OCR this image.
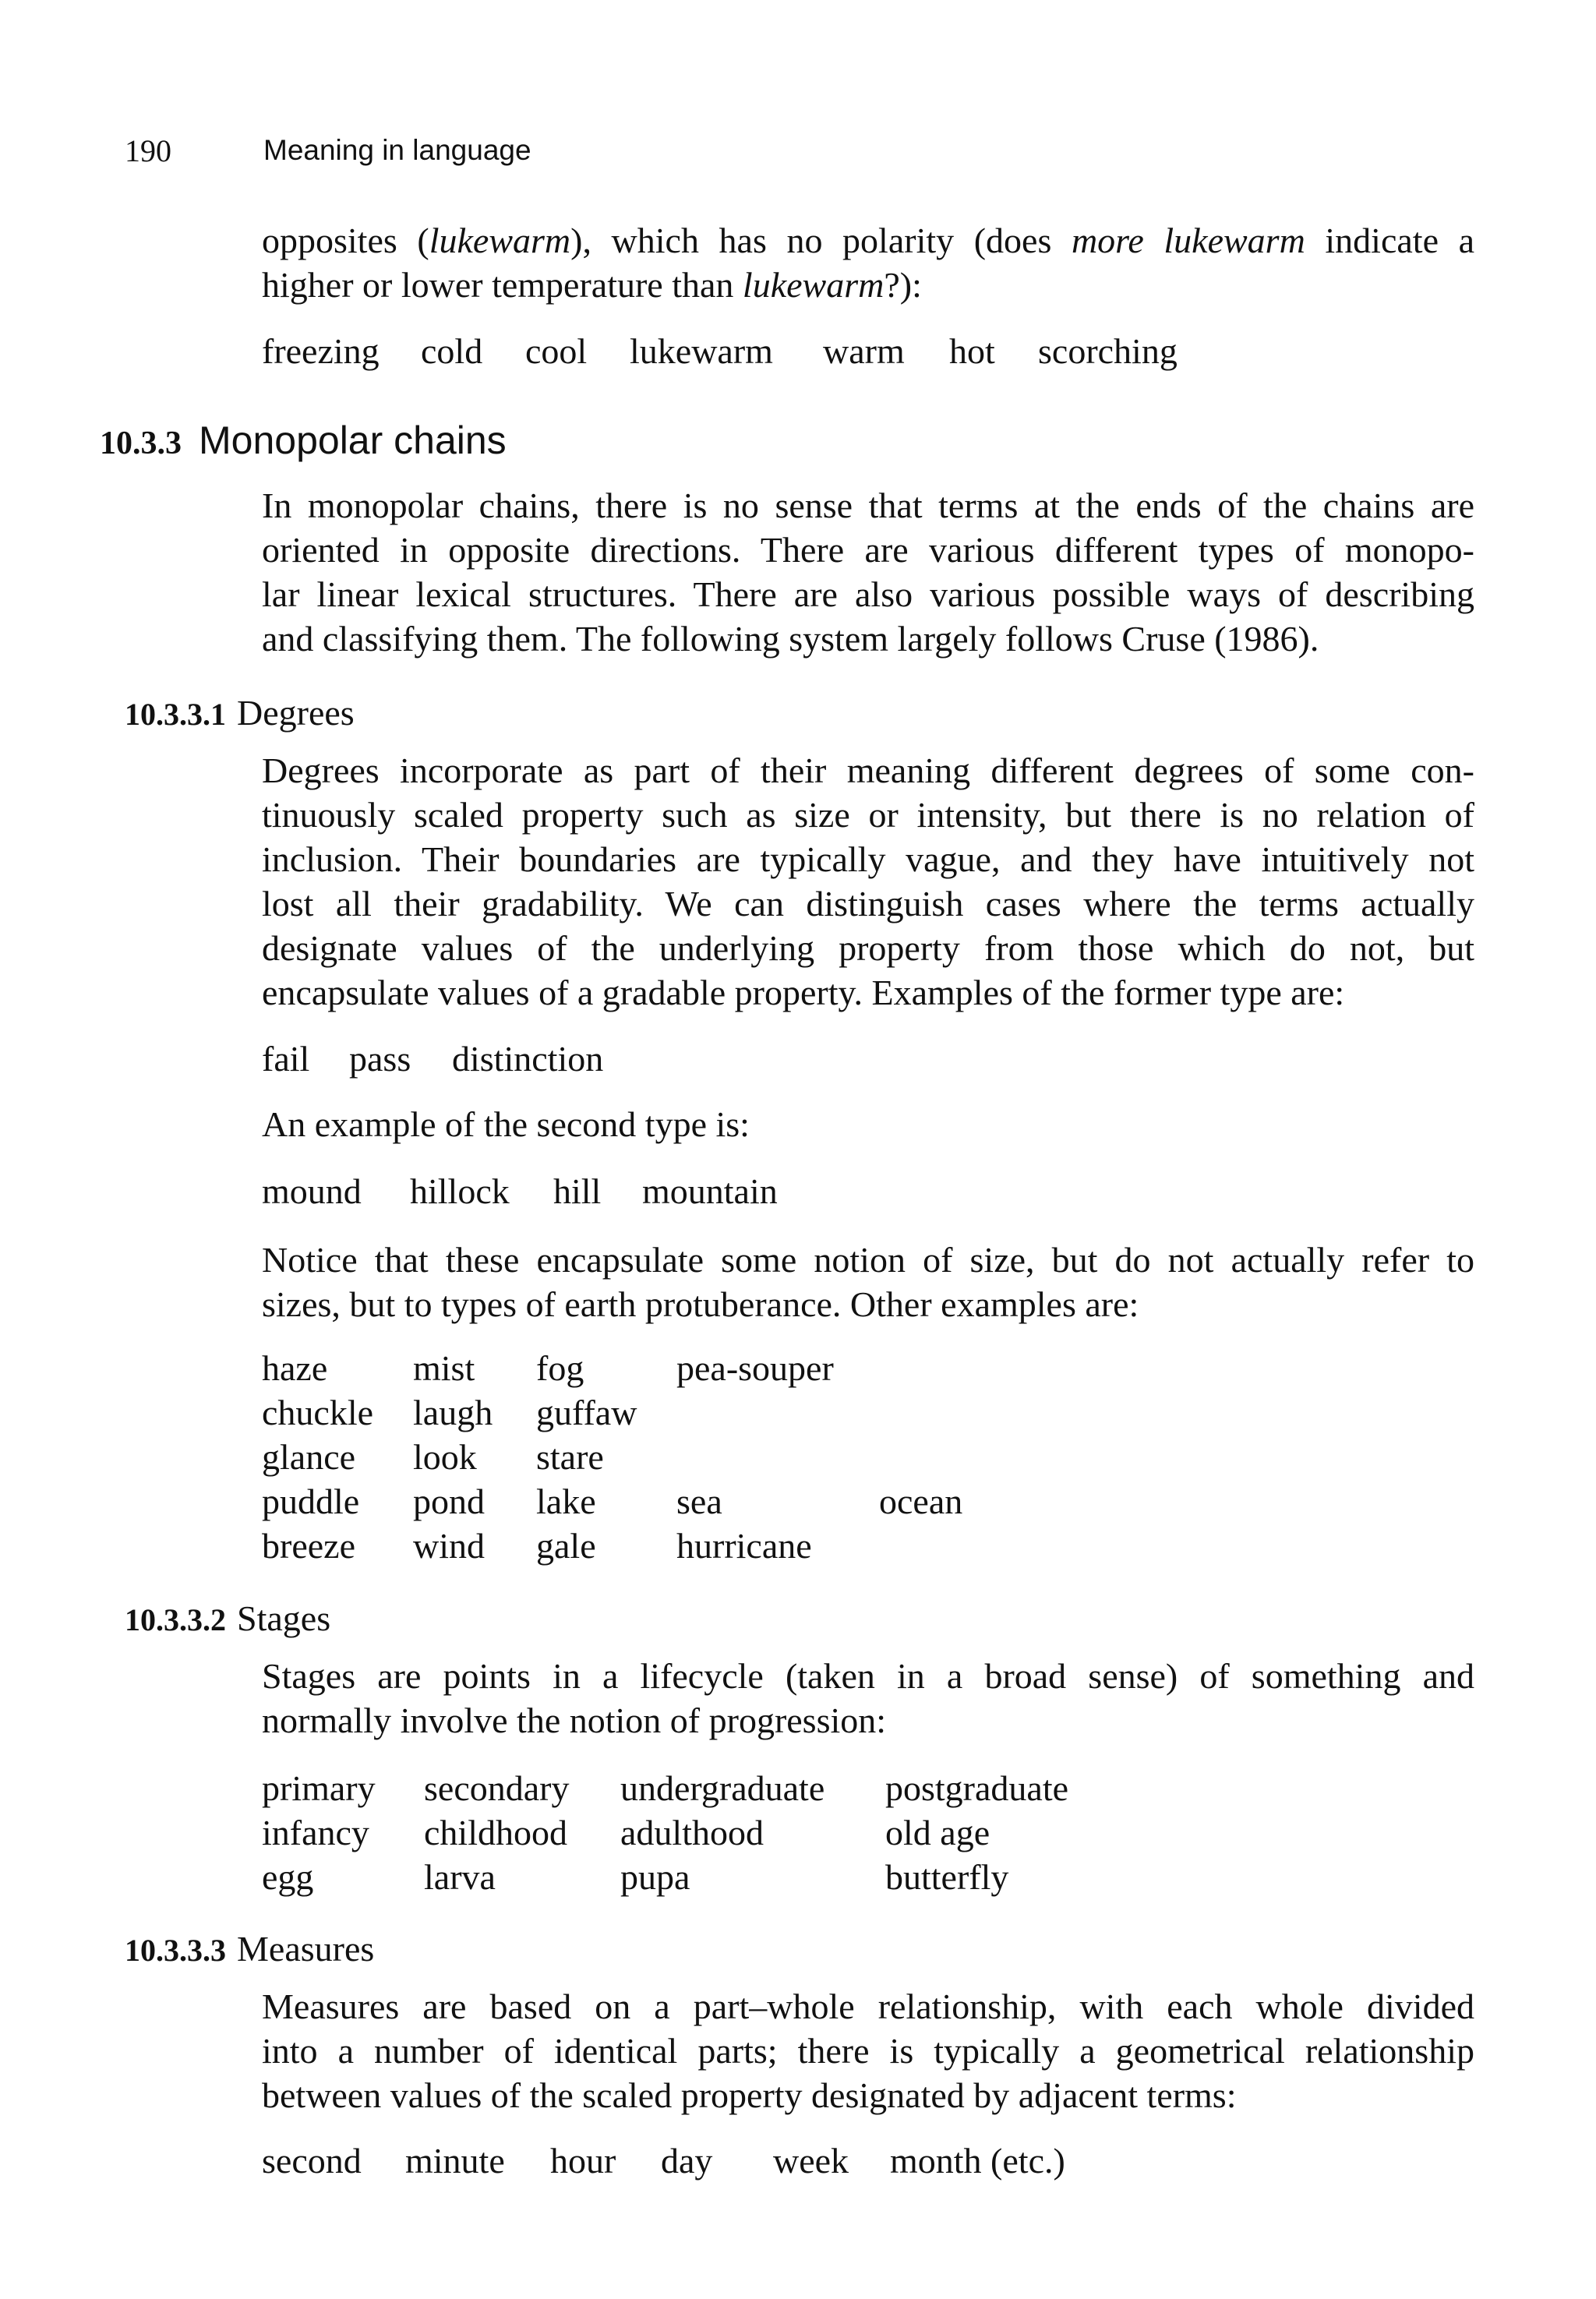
190	Meaning in language
opposites (lukewarm), which has no polarity (does more lukewarm indicate a
higher or lower temperature than lukewarm?):
freezing cold cool lukewarm warm hot scorching
10.3.3 Monopolar chains
In monopolar chains, there is no sense that terms at the ends of the chains are
oriented in opposite directions. There are various different types of monopo-
lar linear lexical structures. There are also various possible ways of describing
and classifying them. The following system largely follows Cruse (1986).
10.3.3.1 Degrees
Degrees incorporate as part of their meaning different degrees of some con-
tinuously scaled property such as size or intensity, but there is no relation of
inclusion. Their boundaries are typically vague, and they have intuitively not
lost all their gradability. We can distinguish cases where the terms actually
designate values of the underlying property from those which do not, but
encapsulate values of a gradable property. Examples of the former type are:
fail pass distinction
An example of the second type is:
mound hillock hill mountain
Notice that these encapsulate some notion of size, but do not actually refer to
sizes, but to types of earth protuberance. Other examples are:
haze mist fog	pea-souper
chuckle laugh guffaw
glance look stare
puddle pond lake sea	ocean
breeze wind gale hurricane
10.3.3.2 Stages
Stages are points in a lifecycle (taken in a broad sense) of something and
normally involve the notion of progression:
primary secondary undergraduate postgraduate
infancy childhood adulthood	old age
egg	larva	pupa	butterfly
10.3.3.3 Measures
Measures are based on a part–whole relationship, with each whole divided
into a number of identical parts; there is typically a geometrical relationship
between values of the scaled property designated by adjacent terms:
second minute hour day week month (etc.)
